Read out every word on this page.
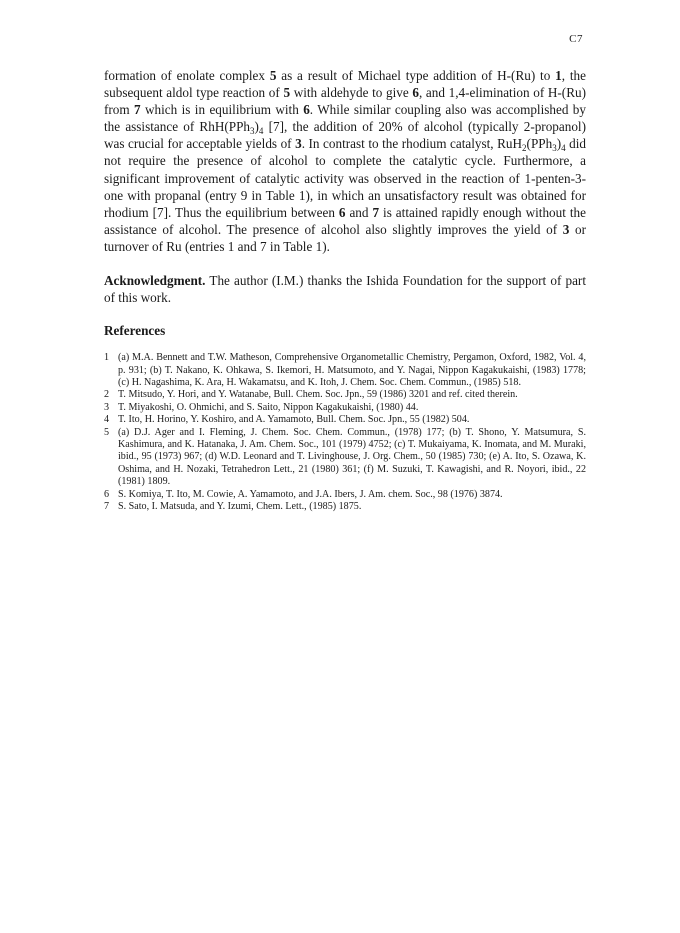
C7

formation of enolate complex 5 as a result of Michael type addition of H-(Ru) to 1, the subsequent aldol type reaction of 5 with aldehyde to give 6, and 1,4-elimination of H-(Ru) from 7 which is in equilibrium with 6. While similar coupling also was accomplished by the assistance of $RhH(PPh_3)_4$ [7], the addition of 20% of alcohol (typically 2-propanol) was crucial for acceptable yields of 3. In contrast to the rhodium catalyst, $RuH_2(PPh_3)_4$ did not require the presence of alcohol to complete the catalytic cycle. Furthermore, a significant improvement of catalytic activity was observed in the reaction of 1-penten-3-one with propanal (entry 9 in Table 1), in which an unsatisfactory result was obtained for rhodium [7]. Thus the equilibrium between 6 and 7 is attained rapidly enough without the assistance of alcohol. The presence of alcohol also slightly improves the yield of 3 or turnover of Ru (entries 1 and 7 in Table 1).

Acknowledgment. The author (I.M.) thanks the Ishida Foundation for the support of part of this work.

References
1 (a) M.A. Bennett and T.W. Matheson, Comprehensive Organometallic Chemistry, Pergamon, Oxford, 1982, Vol. 4, p. 931; (b) T. Nakano, K. Ohkawa, S. Ikemori, H. Matsumoto, and Y. Nagai, Nippon Kagakukaishi, (1983) 1778; (c) H. Nagashima, K. Ara, H. Wakamatsu, and K. Itoh, J. Chem. Soc. Chem. Commun., (1985) 518.
2 T. Mitsudo, Y. Hori, and Y. Watanabe, Bull. Chem. Soc. Jpn., 59 (1986) 3201 and ref. cited therein.
3 T. Miyakoshi, O. Ohmichi, and S. Saito, Nippon Kagakukaishi, (1980) 44.
4 T. Ito, H. Horino, Y. Koshiro, and A. Yamamoto, Bull. Chem. Soc. Jpn., 55 (1982) 504.
5 (a) D.J. Ager and I. Fleming, J. Chem. Soc. Chem. Commun., (1978) 177; (b) T. Shono, Y. Matsumura, S. Kashimura, and K. Hatanaka, J. Am. Chem. Soc., 101 (1979) 4752; (c) T. Mukaiyama, K. Inomata, and M. Muraki, ibid., 95 (1973) 967; (d) W.D. Leonard and T. Livinghouse, J. Org. Chem., 50 (1985) 730; (e) A. Ito, S. Ozawa, K. Oshima, and H. Nozaki, Tetrahedron Lett., 21 (1980) 361; (f) M. Suzuki, T. Kawagishi, and R. Noyori, ibid., 22 (1981) 1809.
6 S. Komiya, T. Ito, M. Cowie, A. Yamamoto, and J.A. Ibers, J. Am. chem. Soc., 98 (1976) 3874.
7 S. Sato, I. Matsuda, and Y. Izumi, Chem. Lett., (1985) 1875.
